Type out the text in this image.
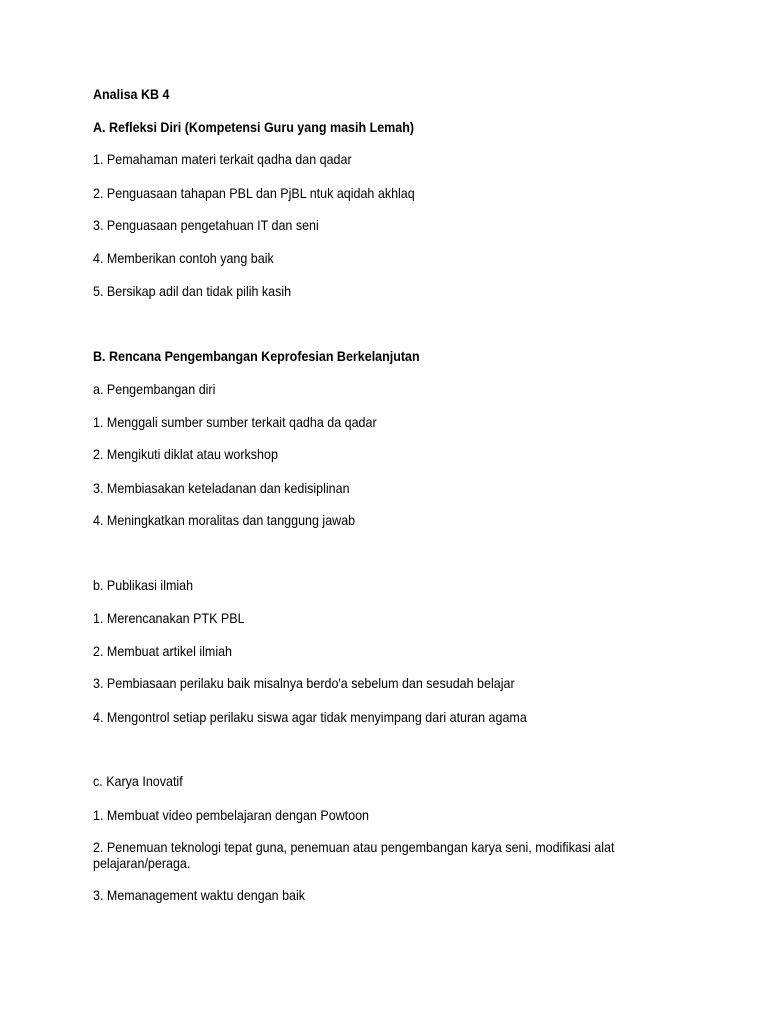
Analisa KB 4

A. Refleksi Diri (Kompetensi Guru yang masih Lemah)

1. Pemahaman materi terkait qadha dan qadar

2. Penguasaan tahapan PBL dan PjBL ntuk aqidah akhlaq

3. Penguasaan pengetahuan IT dan seni

4. Memberikan contoh yang baik

5. Bersikap adil dan tidak pilih kasih

B. Rencana Pengembangan Keprofesian Berkelanjutan

a. Pengembangan diri

1. Menggali sumber sumber terkait qadha da qadar

2. Mengikuti diklat atau workshop

3. Membiasakan keteladanan dan kedisiplinan

4. Meningkatkan moralitas dan tanggung jawab

b. Publikasi ilmiah

1. Merencanakan PTK PBL

2. Membuat artikel ilmiah

3. Pembiasaan perilaku baik misalnya berdo'a sebelum dan sesudah belajar

4. Mengontrol setiap perilaku siswa agar tidak menyimpang dari aturan agama

c. Karya Inovatif

1. Membuat video pembelajaran dengan Powtoon

2. Penemuan teknologi tepat guna, penemuan atau pengembangan karya seni, modifikasi alat pelajaran/peraga.

3. Memanagement waktu dengan baik
